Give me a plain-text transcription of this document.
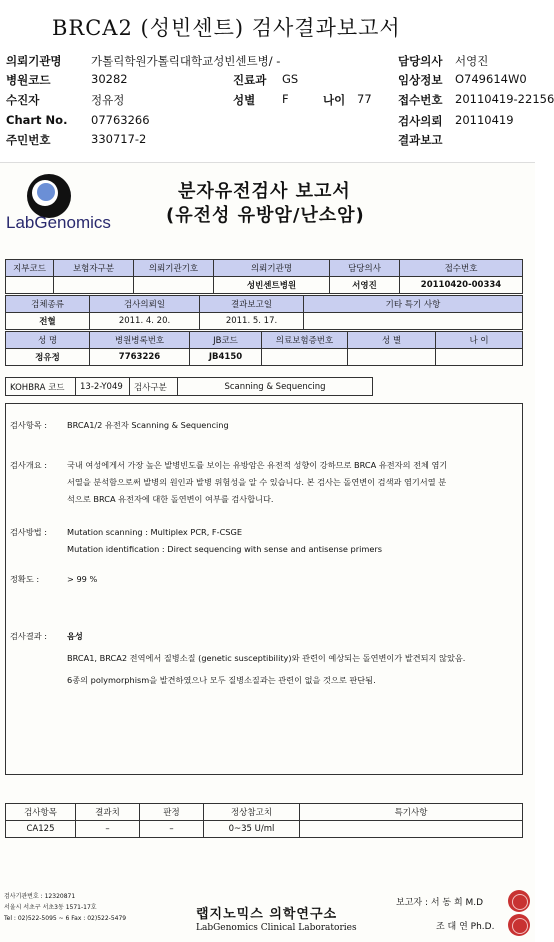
BRCA2 (성빈센트) 검사결과보고서
의뢰기관명	가톨릭학원가톨릭대학교성빈센트병/ -	담당의사 서영진
병원코드	30282	진료과 GS	임상정보 O749614W0
수진자	정유정	성별 F	나이 77 접수번호 20110419-22156
Chart No. 07763266	검사의뢰 20110419
주민번호	330717-2	결과보고
LabGenomics
분자유전검사 보고서
(유전성 유방암/난소암)
지부코드	보험자구분	의뢰기관기호	의뢰기관명	담당의사	접수번호
			성빈센트병원	서영진	20110420-00334
검체종류	검사의뢰일	결과보고일	기타 특기 사항
전혈	2011. 4. 20.	2011. 5. 17.	
성 명	병원병록번호	JB코드	의료보험증번호	성 별	나 이
정유정	7763226	JB4150			
KOHBRA 코드	13-2-Y049	검사구분	Scanning & Sequencing
검사항목 : BRCA1/2 유전자 Scanning & Sequencing
검사개요 : 국내 여성에게서 가장 높은 발병빈도를 보이는 유방암은 유전적 성향이 강하므로 BRCA 유전자의 전체 염기
서열을 분석함으로써 발병의 원인과 발병 위험성을 알 수 있습니다. 본 검사는 돌연변이 검색과 염기서열 분
석으로 BRCA 유전자에 대한 돌연변이 여부를 검사합니다.
검사방법 : Mutation scanning : Multiplex PCR, F-CSGE
Mutation identification : Direct sequencing with sense and antisense primers
정확도 :	> 99 %
검사결과 : 음성
BRCA1, BRCA2 전역에서 질병소질 (genetic susceptibility)와 관련이 예상되는 돌연변이가 발견되지 않았음.
6종의 polymorphism을 발견하였으나 모두 질병소질과는 관련이 없을 것으로 판단됨.
검사항목	결과치	판정	정상참고치	특기사항
CA125	–	–	0~35 U/ml	
검사기관번호 : 12320871
서울시 서초구 서초3동 1571-17호
Tel : 02)522-5095 ~ 6 Fax : 02)522-5479	랩지노믹스 의학연구소
LabGenomics Clinical Laboratories
보고자 : 서 동 희 M.D
조 대 연 Ph.D.
